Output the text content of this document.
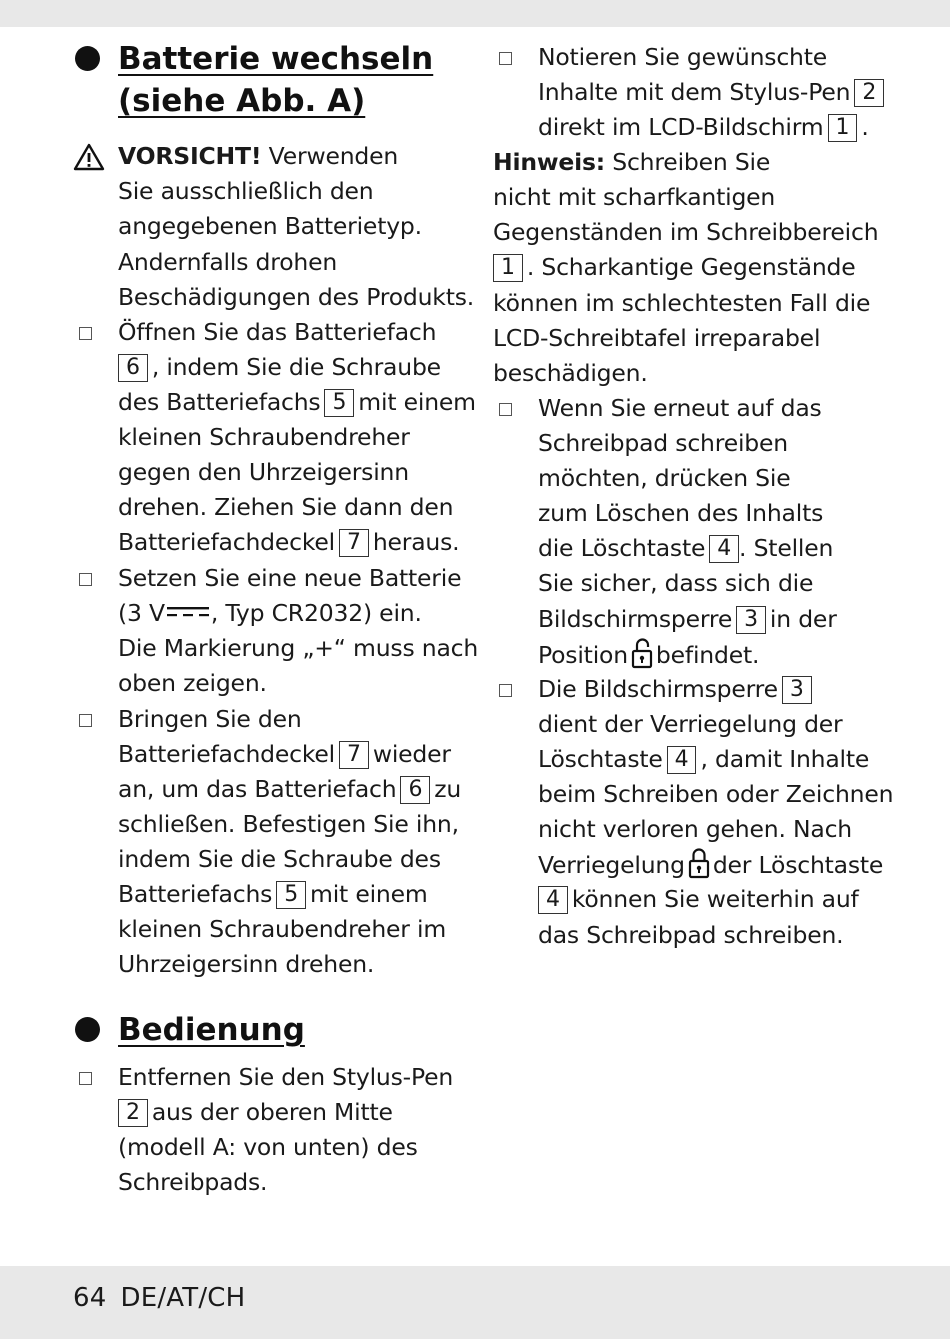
Batterie wechseln
(siehe Abb. A)
VORSICHT! Verwenden
Sie ausschließlich den
angegebenen Batterietyp.
Andernfalls drohen
Beschädigungen des Produkts.
Öffnen Sie das Batteriefach
6 , indem Sie die Schraube
des Batteriefachs 5 mit einem
kleinen Schraubendreher
gegen den Uhrzeigersinn
drehen. Ziehen Sie dann den
Batteriefachdeckel 7 heraus.
Setzen Sie eine neue Batterie
(3 V , Typ CR2032) ein.
Die Markierung „+“ muss nach
oben zeigen.
Bringen Sie den
Batteriefachdeckel 7 wieder
an, um das Batteriefach 6 zu
schließen. Befestigen Sie ihn,
indem Sie die Schraube des
Batteriefachs 5 mit einem
kleinen Schraubendreher im
Uhrzeigersinn drehen.
Bedienung
Entfernen Sie den Stylus-Pen
2 aus der oberen Mitte
(modell A: von unten) des
Schreibpads.
Notieren Sie gewünschte
Inhalte mit dem Stylus-Pen 2
direkt im LCD-Bildschirm 1 .
Hinweis: Schreiben Sie
nicht mit scharfkantigen
Gegenständen im Schreibbereich
1 . Scharkantige Gegenstände
können im schlechtesten Fall die
LCD-Schreibtafel irreparabel
beschädigen.
Wenn Sie erneut auf das
Schreibpad schreiben
möchten, drücken Sie
zum Löschen des Inhalts
die Löschtaste 4 . Stellen
Sie sicher, dass sich die
Bildschirmsperre 3 in der
Position befindet.
Die Bildschirmsperre 3
dient der Verriegelung der
Löschtaste 4 , damit Inhalte
beim Schreiben oder Zeichnen
nicht verloren gehen. Nach
Verriegelung der Löschtaste
4 können Sie weiterhin auf
das Schreibpad schreiben.
64 DE/AT/CH
